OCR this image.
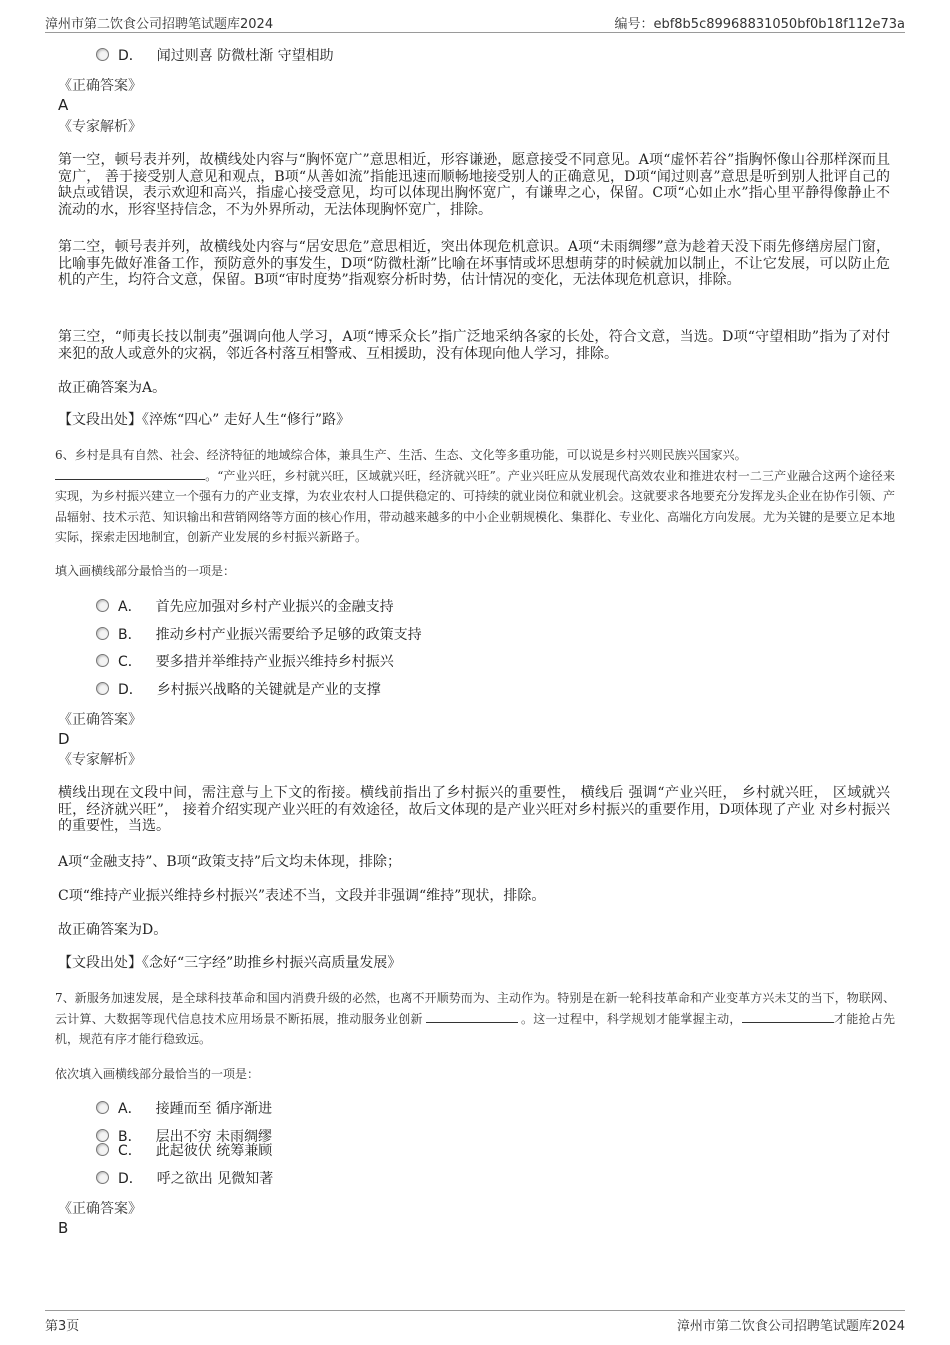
漳州市第二饮食公司招聘笔试题库2024	编号：ebf8b5c89968831050bf0b18f112e73a
D． 闻过则喜 防微杜渐 守望相助
《正确答案》
A
《专家解析》
第一空，顿号表并列，故横线处内容与“胸怀宽广”意思相近，形容谦逊，愿意接受不同意见。A项“虚怀若谷”指胸怀像山谷那样深而且宽广， 善于接受别人意见和观点，B项“从善如流”指能迅速而顺畅地接受别人的正确意见，D项“闻过则喜”意思是听到别人批评自己的缺点或错误，表示欢迎和高兴，指虚心接受意见，均可以体现出胸怀宽广，有谦卑之心，保留。C项“心如止水”指心里平静得像静止不流动的水，形容坚持信念，不为外界所动，无法体现胸怀宽广，排除。
第二空，顿号表并列，故横线处内容与“居安思危”意思相近，突出体现危机意识。A项“未雨绸缪”意为趁着天没下雨先修缮房屋门窗，比喻事先做好准备工作，预防意外的事发生，D项“防微杜渐”比喻在坏事情或坏思想萌芽的时候就加以制止，不让它发展，可以防止危机的产生，均符合文意，保留。B项“审时度势”指观察分析时势，估计情况的变化，无法体现危机意识，排除。
第三空，“师夷长技以制夷”强调向他人学习，A项“博采众长”指广泛地采纳各家的长处，符合文意，当选。D项“守望相助”指为了对付来犯的敌人或意外的灾祸，邻近各村落互相警戒、互相援助，没有体现向他人学习，排除。
故正确答案为A。
【文段出处】《淬炼“四心” 走好人生“修行”路》
6、乡村是具有自然、社会、经济特征的地域综合体，兼具生产、生活、生态、文化等多重功能，可以说是乡村兴则民族兴国家兴。
。“产业兴旺，乡村就兴旺，区域就兴旺，经济就兴旺”。产业兴旺应从发展现代高效农业和推进农村一二三产业融合这两个途径来实现，为乡村振兴建立一个强有力的产业支撑，为农业农村人口提供稳定的、可持续的就业岗位和就业机会。这就要求各地要充分发挥龙头企业在协作引领、产品辐射、技术示范、知识输出和营销网络等方面的核心作用，带动越来越多的中小企业朝规模化、集群化、专业化、高端化方向发展。尤为关键的是要立足本地实际，探索走因地制宜，创新产业发展的乡村振兴新路子。
填入画横线部分最恰当的一项是：
A． 首先应加强对乡村产业振兴的金融支持
B． 推动乡村产业振兴需要给予足够的政策支持
C． 要多措并举维持产业振兴维持乡村振兴
D． 乡村振兴战略的关键就是产业的支撑
《正确答案》
D
《专家解析》
横线出现在文段中间，需注意与上下文的衔接。横线前指出了乡村振兴的重要性， 横线后 强调“产业兴旺， 乡村就兴旺， 区域就兴旺，经济就兴旺”， 接着介绍实现产业兴旺的有效途径，故后文体现的是产业兴旺对乡村振兴的重要作用，D项体现了产业 对乡村振兴 的重要性，当选。
A项“金融支持”、B项“政策支持”后文均未体现，排除；
C项“维持产业振兴维持乡村振兴”表述不当，文段并非强调“维持”现状，排除。
故正确答案为D。
【文段出处】《念好“三字经”助推乡村振兴高质量发展》
7、新服务加速发展，是全球科技革命和国内消费升级的必然，也离不开顺势而为、主动作为。特别是在新一轮科技革命和产业变革方兴未艾的当下，物联网、云计算、大数据等现代信息技术应用场景不断拓展，推动服务业创新	。这一过程中，科学规划才能掌握主动，	才能抢占先机，规范有序才能行稳致远。
依次填入画横线部分最恰当的一项是：
A． 接踵而至 循序渐进
B． 层出不穷 未雨绸缪
C． 此起彼伏 统筹兼顾
D． 呼之欲出 见微知著
《正确答案》
B
第3页	漳州市第二饮食公司招聘笔试题库2024
